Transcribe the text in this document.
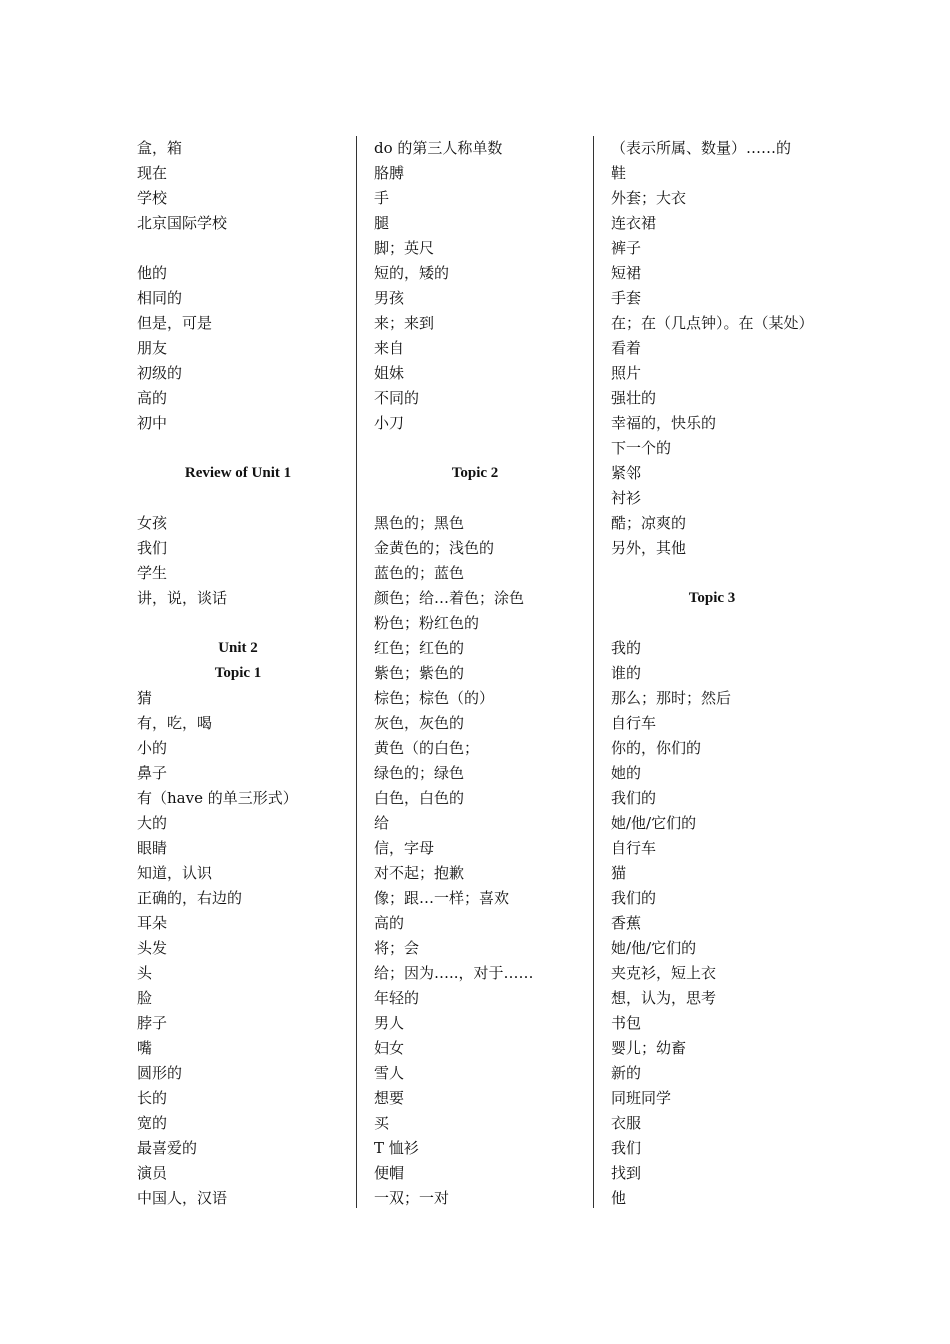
盒，箱
现在
学校
北京国际学校
他的
相同的
但是，可是
朋友
初级的
高的
初中
Review of Unit 1
女孩
我们
学生
讲，说，谈话
Unit 2
Topic 1
猜
有，吃，喝
小的
鼻子
有（have 的单三形式）
大的
眼睛
知道，认识
正确的，右边的
耳朵
头发
头
脸
脖子
嘴
圆形的
长的
宽的
最喜爱的
演员
中国人，汉语
do 的第三人称单数
胳膊
手
腿
脚；英尺
短的，矮的
男孩
来；来到
来自
姐妹
不同的
小刀
Topic 2
黑色的；黑色
金黄色的；浅色的
蓝色的；蓝色
颜色；给…着色；涂色
粉色；粉红色的
红色；红色的
紫色；紫色的
棕色；棕色（的）
灰色，灰色的
黄色（的白色；
绿色的；绿色
白色，白色的
给
信，字母
对不起；抱歉
像；跟…一样；喜欢
高的
将；会
给；因为…..，对于……
年轻的
男人
妇女
雪人
想要
买
T 恤衫
便帽
一双；一对
（表示所属、数量）……的
鞋
外套；大衣
连衣裙
裤子
短裙
手套
在；在（几点钟）。在（某处）
看着
照片
强壮的
幸福的，快乐的
下一个的
紧邻
衬衫
酷；凉爽的
另外，其他
Topic 3
我的
谁的
那么；那时；然后
自行车
你的，你们的
她的
我们的
她/他/它们的
自行车
猫
我们的
香蕉
她/他/它们的
夹克衫，短上衣
想，认为，思考
书包
婴儿；幼畜
新的
同班同学
衣服
我们
找到
他
